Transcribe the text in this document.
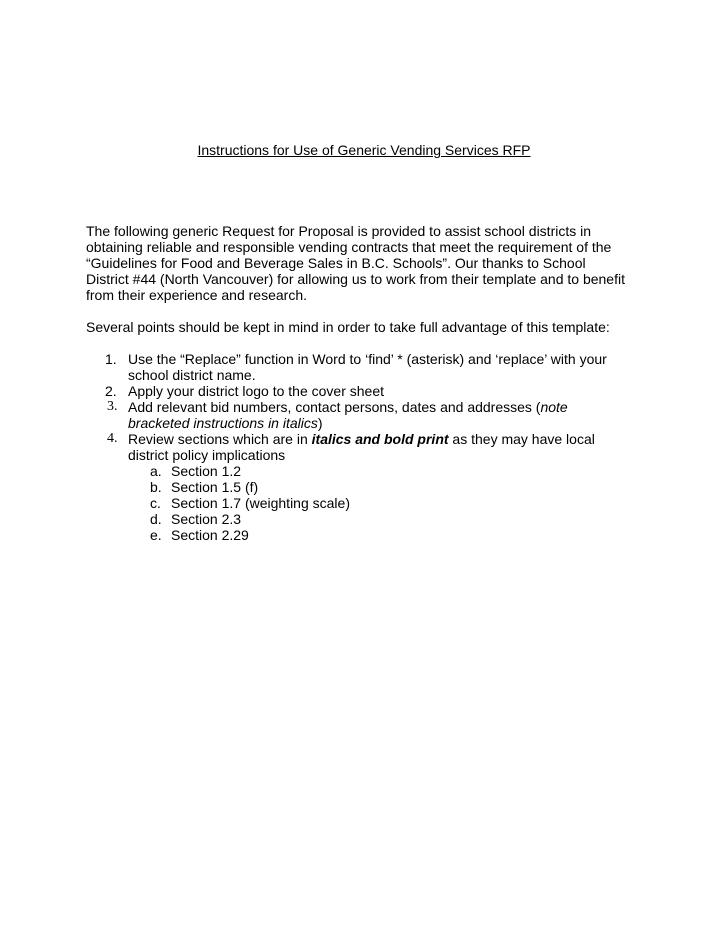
Instructions for Use of Generic Vending Services RFP
The following generic Request for Proposal is provided to assist school districts in
obtaining reliable and responsible vending contracts that meet the requirement of the
“Guidelines for Food and Beverage Sales in B.C. Schools”. Our thanks to School
District #44 (North Vancouver) for allowing us to work from their template and to benefit
from their experience and research.
Several points should be kept in mind in order to take full advantage of this template:
1. Use the “Replace” function in Word to ‘find’ * (asterisk) and ‘replace’ with your
school district name.
2. Apply your district logo to the cover sheet
3. Add relevant bid numbers, contact persons, dates and addresses (note
bracketed instructions in italics)
4. Review sections which are in italics and bold print as they may have local
district policy implications
a. Section 1.2
b. Section 1.5 (f)
c. Section 1.7 (weighting scale)
d. Section 2.3
e. Section 2.29
